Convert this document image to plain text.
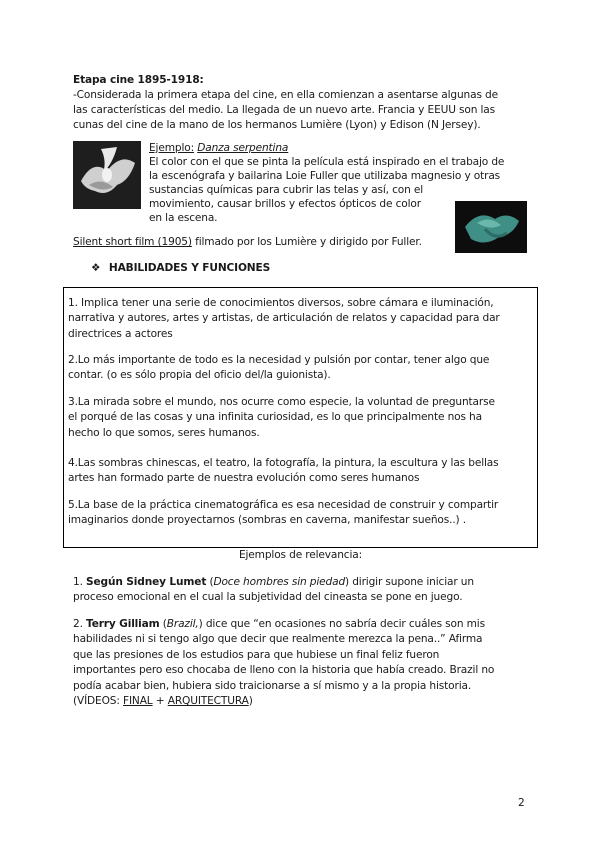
Etapa cine 1895-1918:
-Considerada la primera etapa del cine, en ella comienzan a asentarse algunas de
las características del medio. La llegada de un nuevo arte. Francia y EEUU son las
cunas del cine de la mano de los hermanos Lumière (Lyon) y Edison (N Jersey).
Ejemplo: Danza serpentina
El color con el que se pinta la película está inspirado en el trabajo de
la escenógrafa y bailarina Loie Fuller que utilizaba magnesio y otras
sustancias químicas para cubrir las telas y así, con el
movimiento, causar brillos y efectos ópticos de color
en la escena.
Silent short film (1905) filmado por los Lumière y dirigido por Fuller.
❖ HABILIDADES Y FUNCIONES
1. Implica tener una serie de conocimientos diversos, sobre cámara e iluminación,
narrativa y autores, artes y artistas, de articulación de relatos y capacidad para dar
directrices a actores
2.Lo más importante de todo es la necesidad y pulsión por contar, tener algo que
contar. (o es sólo propia del oficio del/la guionista).
3.La mirada sobre el mundo, nos ocurre como especie, la voluntad de preguntarse
el porqué de las cosas y una infinita curiosidad, es lo que principalmente nos ha
hecho lo que somos, seres humanos.
4.Las sombras chinescas, el teatro, la fotografía, la pintura, la escultura y las bellas
artes han formado parte de nuestra evolución como seres humanos
5.La base de la práctica cinematográfica es esa necesidad de construir y compartir
imaginarios donde proyectarnos (sombras en caverna, manifestar sueños..) .
Ejemplos de relevancia:
1. Según Sidney Lumet (Doce hombres sin piedad) dirigir supone iniciar un
proceso emocional en el cual la subjetividad del cineasta se pone en juego.
2. Terry Gilliam (Brazil,) dice que “en ocasiones no sabría decir cuáles son mis
habilidades ni si tengo algo que decir que realmente merezca la pena..” Afirma
que las presiones de los estudios para que hubiese un final feliz fueron
importantes pero eso chocaba de lleno con la historia que había creado. Brazil no
podía acabar bien, hubiera sido traicionarse a sí mismo y a la propia historia.
(VÍDEOS: FINAL + ARQUITECTURA)
2
